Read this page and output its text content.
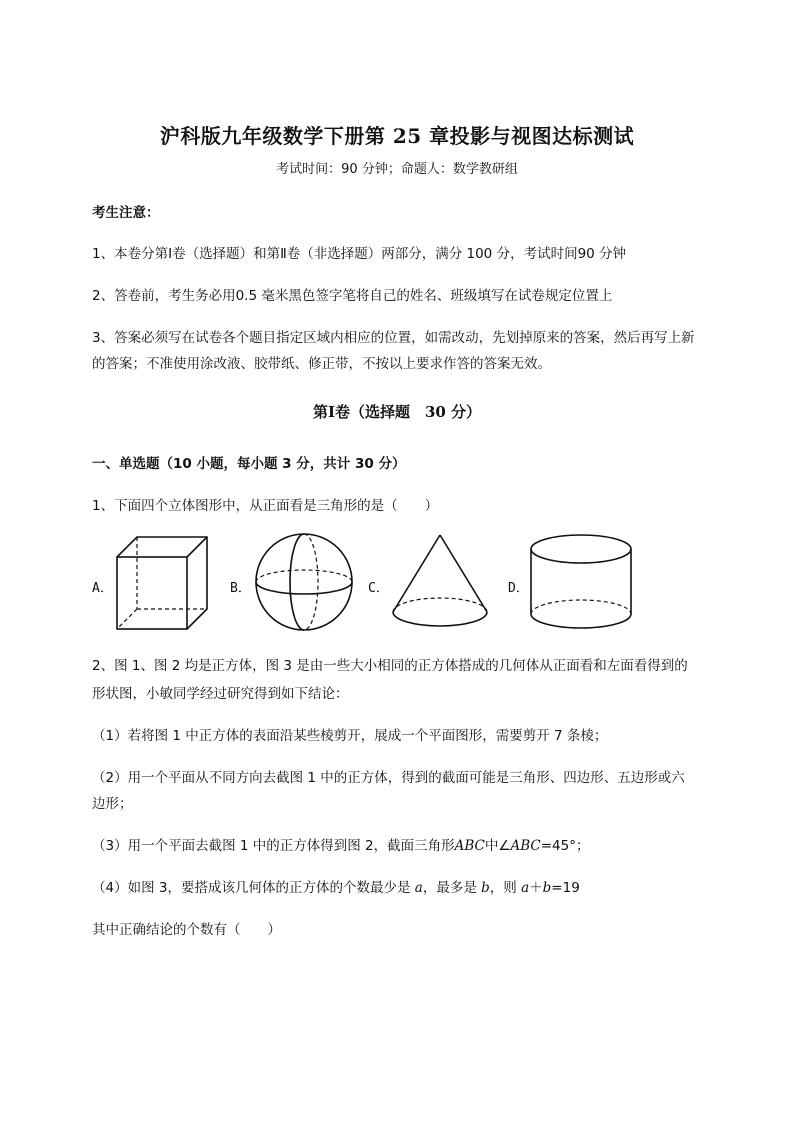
沪科版九年级数学下册第 25 章投影与视图达标测试
考试时间：90 分钟；命题人：数学教研组
考生注意：
1、本卷分第Ⅰ卷（选择题）和第Ⅱ卷（非选择题）两部分，满分 100 分，考试时间90 分钟
2、答卷前，考生务必用0.5 毫米黑色签字笔将自己的姓名、班级填写在试卷规定位置上
3、答案必须写在试卷各个题目指定区域内相应的位置，如需改动，先划掉原来的答案，然后再写上新
的答案；不准使用涂改液、胶带纸、修正带，不按以上要求作答的答案无效。
第Ⅰ卷（选择题　30 分）
一、单选题（10 小题，每小题 3 分，共计 30 分）
1、下面四个立体图形中，从正面看是三角形的是（　　）
A．	B．	C．	D．
2、图 1、图 2 均是正方体，图 3 是由一些大小相同的正方体搭成的几何体从正面看和左面看得到的
形状图，小敏同学经过研究得到如下结论：
（1）若将图 1 中正方体的表面沿某些棱剪开，展成一个平面图形，需要剪开 7 条棱；
（2）用一个平面从不同方向去截图 1 中的正方体，得到的截面可能是三角形、四边形、五边形或六
边形；
（3）用一个平面去截图 1 中的正方体得到图 2，截面三角形ABC中∠ABC=45°；
（4）如图 3，要搭成该几何体的正方体的个数最少是 a，最多是 b，则 a＋b=19
其中正确结论的个数有（　　）
